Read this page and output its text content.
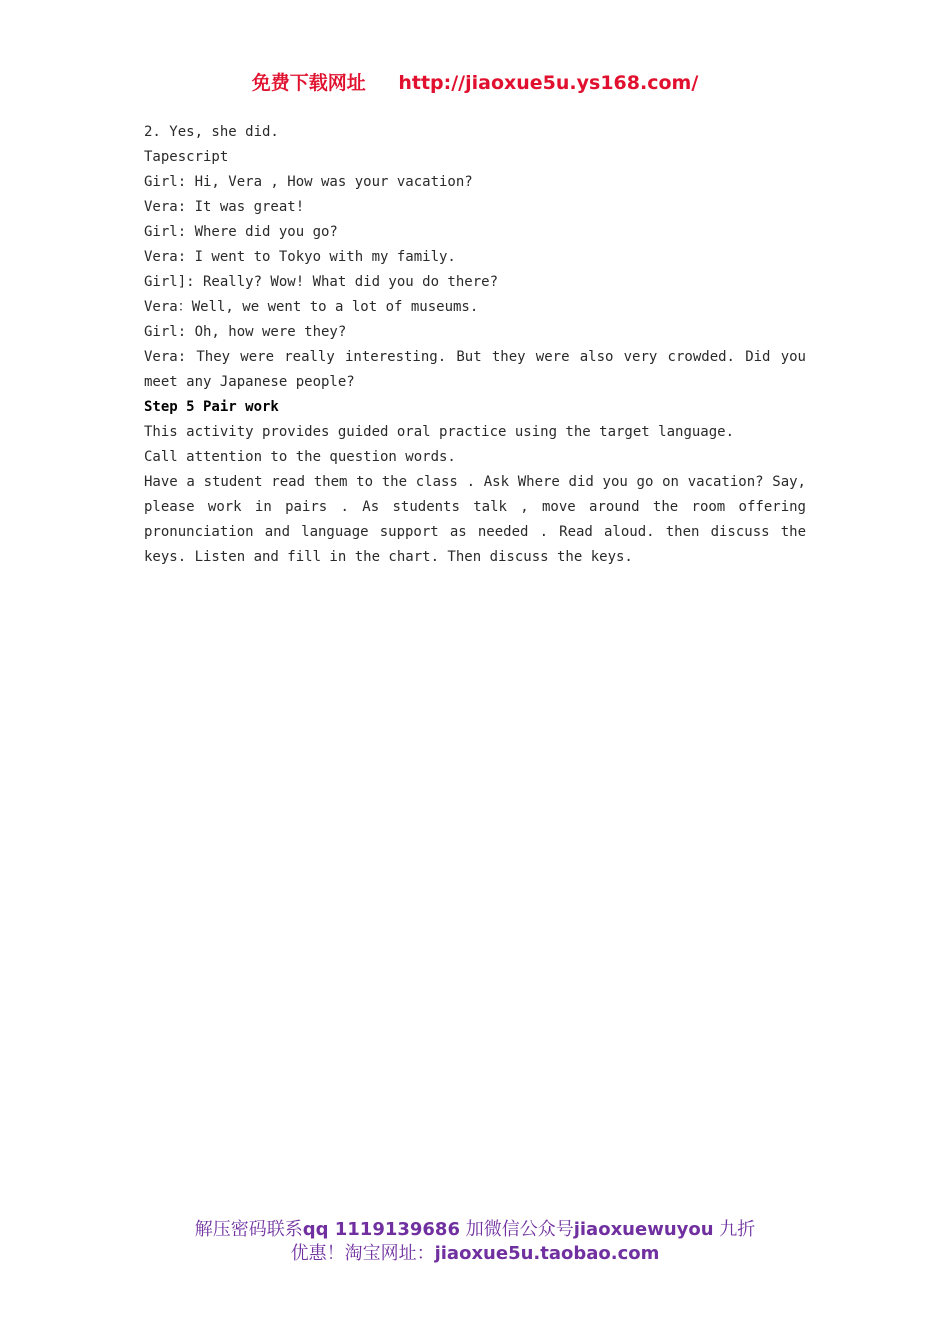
免费下载网址 http://jiaoxue5u.ys168.com/

2. Yes, she did.

Tapescript

Girl: Hi, Vera , How was your vacation?

Vera: It was great!

Girl: Where did you go?

Vera: I went to Tokyo with my family.

Girl]: Really? Wow! What did you do there?

Vera：Well, we went to a lot of museums.

Girl: Oh, how were they?

Vera: They were really interesting. But they were also very crowded. Did you meet any Japanese people?

Step 5 Pair work

This activity provides guided oral practice using the target language.

Call attention to the question words.

Have a student read them to the class . Ask Where did you go on vacation? Say, please work in pairs . As students talk , move around the room offering pronunciation and language support as needed . Read aloud. then discuss the keys. Listen and fill in the chart. Then discuss the keys.

解压密码联系qq 1119139686 加微信公众号jiaoxuewuyou 九折
优惠！淘宝网址：jiaoxue5u.taobao.com
